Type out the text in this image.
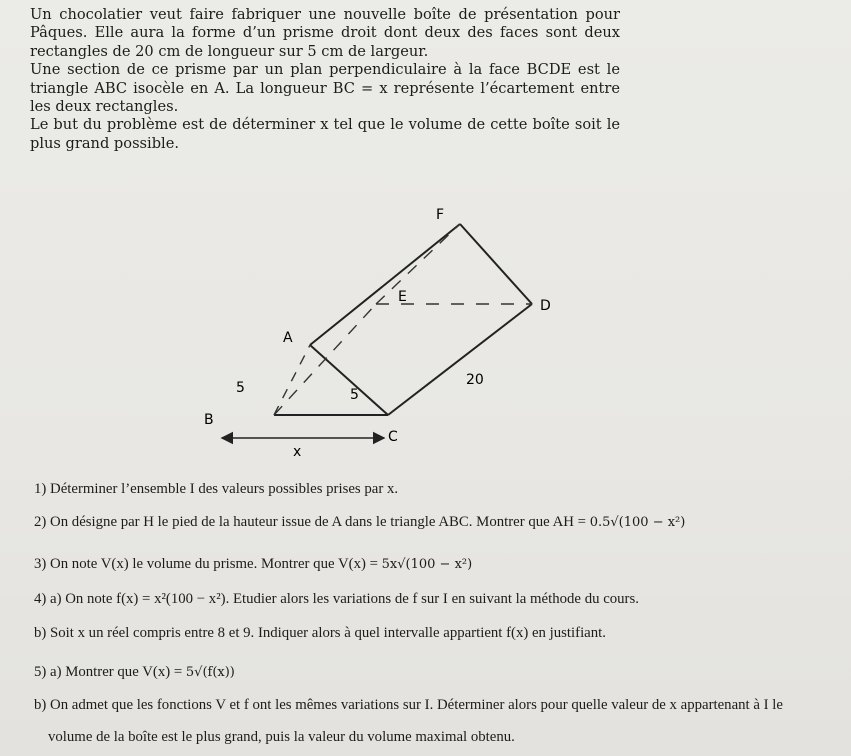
Un chocolatier veut faire fabriquer une nouvelle boîte de présentation pour Pâques. Elle aura la forme d’un prisme droit dont deux des faces sont deux rectangles de 20 cm de longueur sur 5 cm de largeur.

Une section de ce prisme par un plan perpendiculaire à la face BCDE est le triangle ABC isocèle en A. La longueur BC = x représente l’écartement entre les deux rectangles.

Le but du problème est de déterminer x tel que le volume de cette boîte soit le plus grand possible.

F
E
D
A
B
C
5	5
20
x
1) Déterminer l’ensemble I des valeurs possibles prises par x.
2) On désigne par H le pied de la hauteur issue de A dans le triangle ABC. Montrer que AH = 0.5√(100 − x²)
3) On note V(x) le volume du prisme. Montrer que V(x) = 5x√(100 − x²)
4) a) On note f(x) = x²(100 − x²). Etudier alors les variations de f sur I en suivant la méthode du cours.
b) Soit x un réel compris entre 8 et 9. Indiquer alors à quel intervalle appartient f(x) en justifiant.
5) a) Montrer que V(x) = 5√(f(x))
b) On admet que les fonctions V et f ont les mêmes variations sur I. Déterminer alors pour quelle valeur de x appartenant à I le
volume de la boîte est le plus grand, puis la valeur du volume maximal obtenu.
